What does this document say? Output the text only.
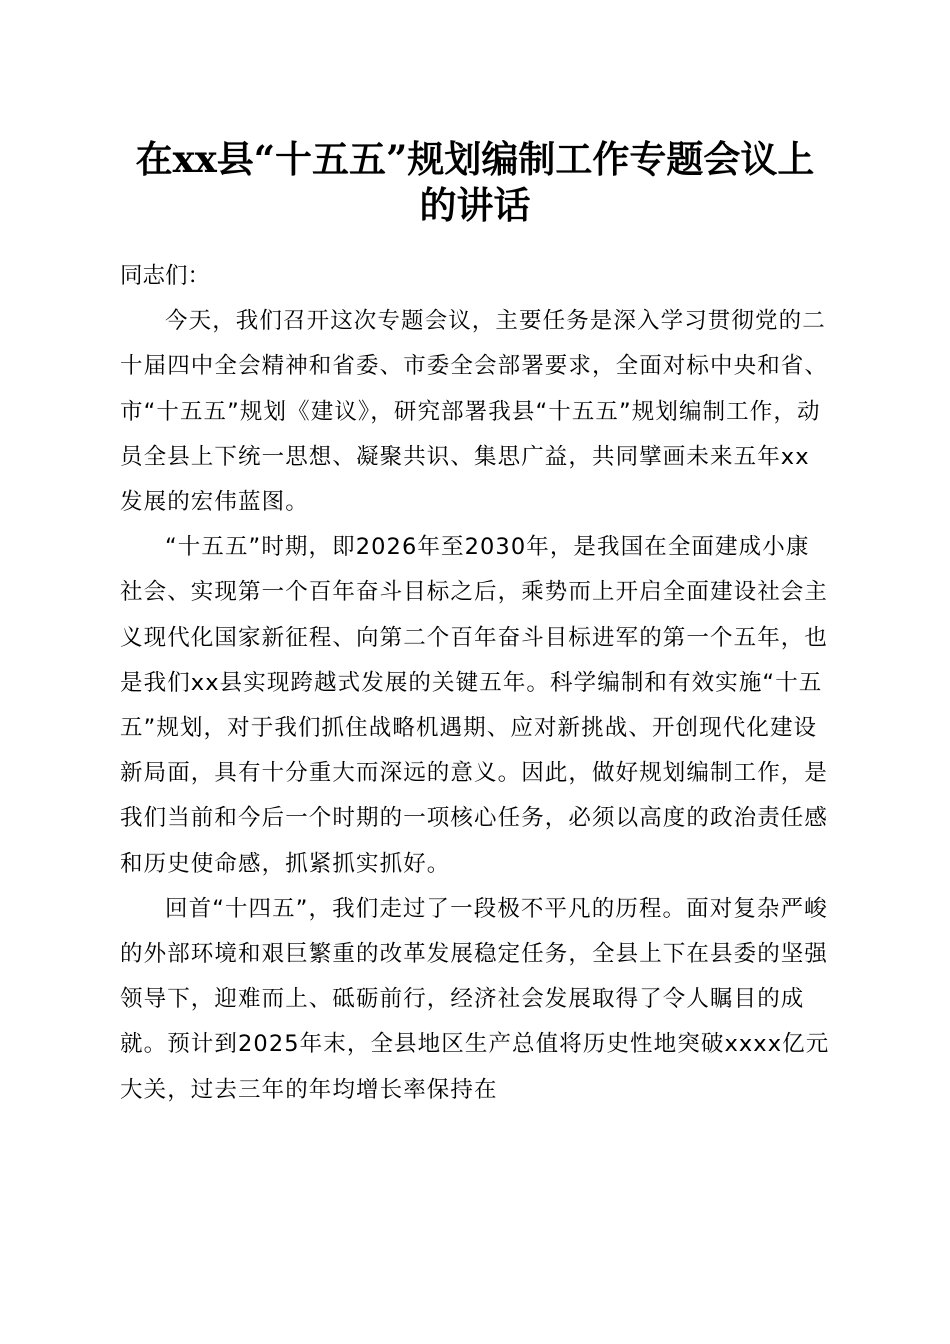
在xx县“十五五”规划编制工作专题会议上
的讲话

同志们：

今天，我们召开这次专题会议，主要任务是深入学习贯彻党的二十届四中全会精神和省委、市委全会部署要求，全面对标中央和省、市“十五五”规划《建议》，研究部署我县“十五五”规划编制工作，动员全县上下统一思想、凝聚共识、集思广益，共同擘画未来五年xx发展的宏伟蓝图。

“十五五”时期，即2026年至2030年，是我国在全面建成小康社会、实现第一个百年奋斗目标之后，乘势而上开启全面建设社会主义现代化国家新征程、向第二个百年奋斗目标进军的第一个五年，也是我们xx县实现跨越式发展的关键五年。科学编制和有效实施“十五五”规划，对于我们抓住战略机遇期、应对新挑战、开创现代化建设新局面，具有十分重大而深远的意义。因此，做好规划编制工作，是我们当前和今后一个时期的一项核心任务，必须以高度的政治责任感和历史使命感，抓紧抓实抓好。

回首“十四五”，我们走过了一段极不平凡的历程。面对复杂严峻的外部环境和艰巨繁重的改革发展稳定任务，全县上下在县委的坚强领导下，迎难而上、砥砺前行，经济社会发展取得了令人瞩目的成就。预计到2025年末，全县地区生产总值将历史性地突破xxxx亿元大关，过去三年的年均增长率保持在
